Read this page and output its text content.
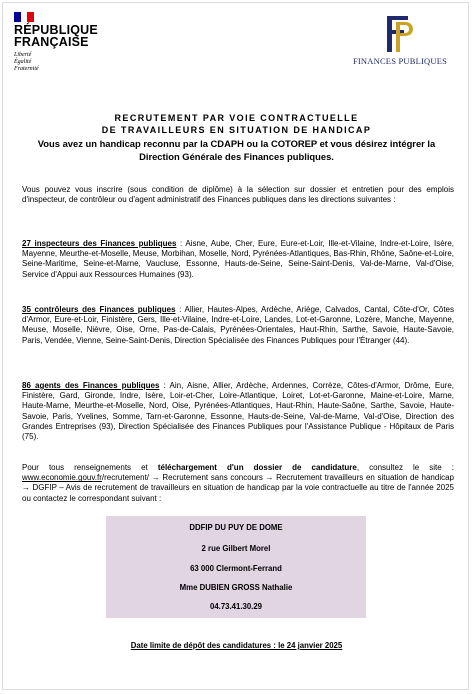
RÉPUBLIQUE
FRANÇAISE
Liberté
Égalité
Fraternité
FINANCES PUBLIQUES
RECRUTEMENT PAR VOIE CONTRACTUELLE
DE TRAVAILLEURS EN SITUATION DE HANDICAP
Vous avez un handicap reconnu par la CDAPH ou la COTOREP et vous désirez intégrer la Direction Générale des Finances publiques.
Vous pouvez vous inscrire (sous condition de diplôme) à la sélection sur dossier et entretien pour des emplois d'inspecteur, de contrôleur ou d'agent administratif des Finances publiques dans les directions suivantes :
27 inspecteurs des Finances publiques : Aisne, Aube, Cher, Eure, Eure-et-Loir, Ille-et-Vilaine, Indre-et-Loire, Isère, Mayenne, Meurthe-et-Moselle, Meuse, Morbihan, Moselle, Nord, Pyrénées-Atlantiques, Bas-Rhin, Rhône, Saône-et-Loire, Seine-Maritime, Seine-et-Marne, Vaucluse, Essonne, Hauts-de-Seine, Seine-Saint-Denis, Val-de-Marne, Val-d'Oise, Service d'Appui aux Ressources Humaines (93).
35 contrôleurs des Finances publiques : Allier, Hautes-Alpes, Ardèche, Ariège, Calvados, Cantal, Côte-d'Or, Côtes d'Armor, Eure-et-Loir, Finistère, Gers, Ille-et-Vilaine, Indre-et-Loire, Landes, Lot-et-Garonne, Lozère, Manche, Mayenne, Meuse, Moselle, Nièvre, Oise, Orne, Pas-de-Calais, Pyrénées-Orientales, Haut-Rhin, Sarthe, Savoie, Haute-Savoie, Paris, Vendée, Vienne, Seine-Saint-Denis, Direction Spécialisée des Finances Publiques pour l'Étranger (44).
86 agents des Finances publiques : Ain, Aisne, Allier, Ardèche, Ardennes, Corrèze, Côtes-d'Armor, Drôme, Eure, Finistère, Gard, Gironde, Indre, Isère, Loir-et-Cher, Loire-Atlantique, Loiret, Lot-et-Garonne, Maine-et-Loire, Marne, Haute-Marne, Meurthe-et-Moselle, Nord, Oise, Pyrénées-Atlantiques, Haut-Rhin, Haute-Saône, Sarthe, Savoie, Haute-Savoie, Paris, Yvelines, Somme, Tarn-et-Garonne, Essonne, Hauts-de-Seine, Val-de-Marne, Val-d'Oise, Direction des Grandes Entreprises (93), Direction Spécialisée des Finances Publiques pour l'Assistance Publique - Hôpitaux de Paris (75).
Pour tous renseignements et téléchargement d'un dossier de candidature, consultez le site : www.economie.gouv.fr/recrutement/ → Recrutement sans concours → Recrutement travailleurs en situation de handicap → DGFIP – Avis de recrutement de travailleurs en situation de handicap par la voie contractuelle au titre de l'année 2025 ou contactez le correspondant suivant :
DDFIP DU PUY DE DOME
2 rue Gilbert Morel
63 000 Clermont-Ferrand
Mme DUBIEN GROSS Nathalie
04.73.41.30.29
Date limite de dépôt des candidatures : le 24 janvier 2025
